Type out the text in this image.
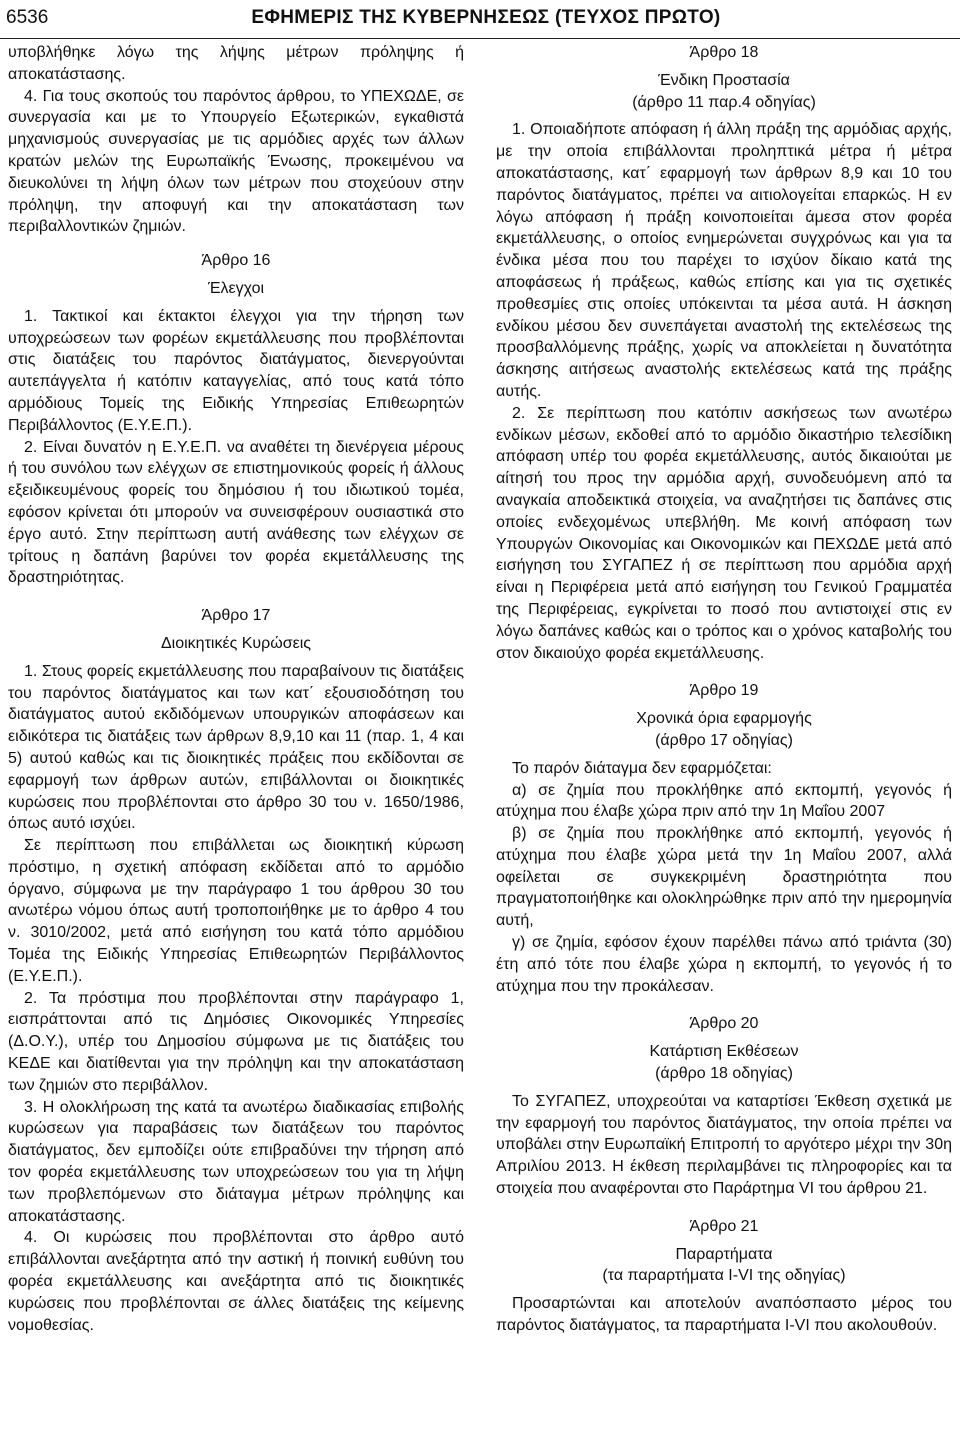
6536	ΕΦΗΜΕΡΙΣ ΤΗΣ ΚΥΒΕΡΝΗΣΕΩΣ (ΤΕΥΧΟΣ ΠΡΩΤΟ)

υποβλήθηκε λόγω της λήψης μέτρων πρόληψης ή αποκατάστασης.

4. Για τους σκοπούς του παρόντος άρθρου, το ΥΠΕΧΩΔΕ, σε συνεργασία και με το Υπουργείο Εξωτερικών, εγκαθιστά μηχανισμούς συνεργασίας με τις αρμόδιες αρχές των άλλων κρατών μελών της Ευρωπαϊκής Ένωσης, προκειμένου να διευκολύνει τη λήψη όλων των μέτρων που στοχεύουν στην πρόληψη, την αποφυγή και την αποκατάσταση των περιβαλλοντικών ζημιών.

Άρθρο 16
Έλεγχοι

1. Τακτικοί και έκτακτοι έλεγχοι για την τήρηση των υποχρεώσεων των φορέων εκμετάλλευσης που προβλέπονται στις διατάξεις του παρόντος διατάγματος, διενεργούνται αυτεπάγγελτα ή κατόπιν καταγγελίας, από τους κατά τόπο αρμόδιους Τομείς της Ειδικής Υπηρεσίας Επιθεωρητών Περιβάλλοντος (Ε.Υ.Ε.Π.).

2. Είναι δυνατόν η Ε.Υ.Ε.Π. να αναθέτει τη διενέργεια μέρους ή του συνόλου των ελέγχων σε επιστημονικούς φορείς ή άλλους εξειδικευμένους φορείς του δημόσιου ή του ιδιωτικού τομέα, εφόσον κρίνεται ότι μπορούν να συνεισφέρουν ουσιαστικά στο έργο αυτό. Στην περίπτωση αυτή ανάθεσης των ελέγχων σε τρίτους η δαπάνη βαρύνει τον φορέα εκμετάλλευσης της δραστηριότητας.

Άρθρο 17
Διοικητικές Κυρώσεις

1. Στους φορείς εκμετάλλευσης που παραβαίνουν τις διατάξεις του παρόντος διατάγματος και των κατ΄ εξουσιοδότηση του διατάγματος αυτού εκδιδόμενων υπουργικών αποφάσεων και ειδικότερα τις διατάξεις των άρθρων 8,9,10 και 11 (παρ. 1, 4 και 5) αυτού καθώς και τις διοικητικές πράξεις που εκδίδονται σε εφαρμογή των άρθρων αυτών, επιβάλλονται οι διοικητικές κυρώσεις που προβλέπονται στο άρθρο 30 του ν. 1650/1986, όπως αυτό ισχύει.

Σε περίπτωση που επιβάλλεται ως διοικητική κύρωση πρόστιμο, η σχετική απόφαση εκδίδεται από το αρμόδιο όργανο, σύμφωνα με την παράγραφο 1 του άρθρου 30 του ανωτέρω νόμου όπως αυτή τροποποιήθηκε με το άρθρο 4 του ν. 3010/2002, μετά από εισήγηση του κατά τόπο αρμόδιου Τομέα της Ειδικής Υπηρεσίας Επιθεωρητών Περιβάλλοντος (Ε.Υ.Ε.Π.).

2. Τα πρόστιμα που προβλέπονται στην παράγραφο 1, εισπράττονται από τις Δημόσιες Οικονομικές Υπηρεσίες (Δ.Ο.Υ.), υπέρ του Δημοσίου σύμφωνα με τις διατάξεις του ΚΕΔΕ και διατίθενται για την πρόληψη και την αποκατάσταση των ζημιών στο περιβάλλον.

3. Η ολοκλήρωση της κατά τα ανωτέρω διαδικασίας επιβολής κυρώσεων για παραβάσεις των διατάξεων του παρόντος διατάγματος, δεν εμποδίζει ούτε επιβραδύνει την τήρηση από τον φορέα εκμετάλλευσης των υποχρεώσεων του για τη λήψη των προβλεπόμενων στο διάταγμα μέτρων πρόληψης και αποκατάστασης.

4. Οι κυρώσεις που προβλέπονται στο άρθρο αυτό επιβάλλονται ανεξάρτητα από την αστική ή ποινική ευθύνη του φορέα εκμετάλλευσης και ανεξάρτητα από τις διοικητικές κυρώσεις που προβλέπονται σε άλλες διατάξεις της κείμενης νομοθεσίας.

Άρθρο 18
Ένδικη Προστασία
(άρθρο 11 παρ.4 οδηγίας)

1. Οποιαδήποτε απόφαση ή άλλη πράξη της αρμόδιας αρχής, με την οποία επιβάλλονται προληπτικά μέτρα ή μέτρα αποκατάστασης, κατ΄ εφαρμογή των άρθρων 8,9 και 10 του παρόντος διατάγματος, πρέπει να αιτιολογείται επαρκώς. Η εν λόγω απόφαση ή πράξη κοινοποιείται άμεσα στον φορέα εκμετάλλευσης, ο οποίος ενημερώνεται συγχρόνως και για τα ένδικα μέσα που του παρέχει το ισχύον δίκαιο κατά της αποφάσεως ή πράξεως, καθώς επίσης και για τις σχετικές προθεσμίες στις οποίες υπόκεινται τα μέσα αυτά. Η άσκηση ενδίκου μέσου δεν συνεπάγεται αναστολή της εκτελέσεως της προσβαλλόμενης πράξης, χωρίς να αποκλείεται η δυνατότητα άσκησης αιτήσεως αναστολής εκτελέσεως κατά της πράξης αυτής.

2. Σε περίπτωση που κατόπιν ασκήσεως των ανωτέρω ενδίκων μέσων, εκδοθεί από το αρμόδιο δικαστήριο τελεσίδικη απόφαση υπέρ του φορέα εκμετάλλευσης, αυτός δικαιούται με αίτησή του προς την αρμόδια αρχή, συνοδευόμενη από τα αναγκαία αποδεικτικά στοιχεία, να αναζητήσει τις δαπάνες στις οποίες ενδεχομένως υπεβλήθη. Με κοινή απόφαση των Υπουργών Οικονομίας και Οικονομικών και ΠΕΧΩΔΕ μετά από εισήγηση του ΣΥΓΑΠΕΖ ή σε περίπτωση που αρμόδια αρχή είναι η Περιφέρεια μετά από εισήγηση του Γενικού Γραμματέα της Περιφέρειας, εγκρίνεται το ποσό που αντιστοιχεί στις εν λόγω δαπάνες καθώς και ο τρόπος και ο χρόνος καταβολής του στον δικαιούχο φορέα εκμετάλλευσης.

Άρθρο 19
Χρονικά όρια εφαρμογής
(άρθρο 17 οδηγίας)

Το παρόν διάταγμα δεν εφαρμόζεται:

α) σε ζημία που προκλήθηκε από εκπομπή, γεγονός ή ατύχημα που έλαβε χώρα πριν από την 1η Μαΐου 2007

β) σε ζημία που προκλήθηκε από εκπομπή, γεγονός ή ατύχημα που έλαβε χώρα μετά την 1η Μαΐου 2007, αλλά οφείλεται σε συγκεκριμένη δραστηριότητα που πραγματοποιήθηκε και ολοκληρώθηκε πριν από την ημερομηνία αυτή,

γ) σε ζημία, εφόσον έχουν παρέλθει πάνω από τριάντα (30) έτη από τότε που έλαβε χώρα η εκπομπή, το γεγονός ή το ατύχημα που την προκάλεσαν.

Άρθρο 20
Κατάρτιση Εκθέσεων
(άρθρο 18 οδηγίας)

Το ΣΥΓΑΠΕΖ, υποχρεούται να καταρτίσει Έκθεση σχετικά με την εφαρμογή του παρόντος διατάγματος, την οποία πρέπει να υποβάλει στην Ευρωπαϊκή Επιτροπή το αργότερο μέχρι την 30η Απριλίου 2013. Η έκθεση περιλαμβάνει τις πληροφορίες και τα στοιχεία που αναφέρονται στο Παράρτημα VI του άρθρου 21.

Άρθρο 21
Παραρτήματα
(τα παραρτήματα Ι-VI της οδηγίας)

Προσαρτώνται και αποτελούν αναπόσπαστο μέρος του παρόντος διατάγματος, τα παραρτήματα Ι-VI που ακολουθούν.
